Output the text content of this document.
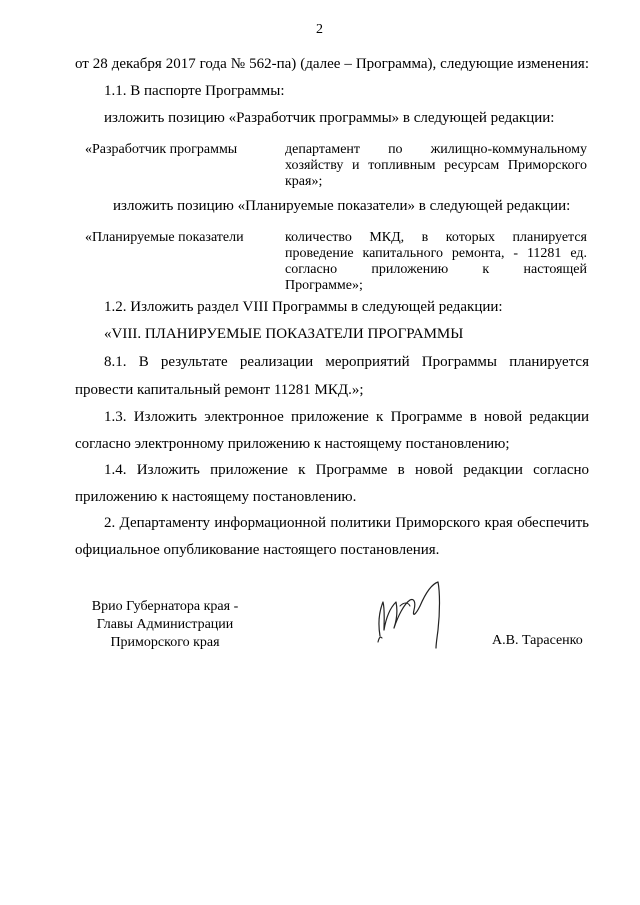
2
от 28 декабря 2017 года № 562-па) (далее – Программа), следующие изменения:
1.1. В паспорте Программы:
изложить позицию «Разработчик программы» в следующей редакции:
«Разработчик программы	департамент по жилищно-коммунальному
хозяйству и топливным ресурсам Приморского
края»;
изложить позицию «Планируемые показатели» в следующей редакции:
«Планируемые показатели	количество МКД, в которых планируется
проведение капитального ремонта, - 11281 ед.
согласно приложению к настоящей
Программе»;
1.2. Изложить раздел VIII Программы в следующей редакции:
«VIII. ПЛАНИРУЕМЫЕ ПОКАЗАТЕЛИ ПРОГРАММЫ
8.1. В результате реализации мероприятий Программы планируется
провести капитальный ремонт 11281 МКД.»;
1.3. Изложить электронное приложение к Программе в новой редакции
согласно электронному приложению к настоящему постановлению;
1.4. Изложить приложение к Программе в новой редакции согласно
приложению к настоящему постановлению.
2. Департаменту информационной политики Приморского края обеспечить
официальное опубликование настоящего постановления.
Врио Губернатора края -
Главы Администрации
Приморского края	А.В. Тарасенко
